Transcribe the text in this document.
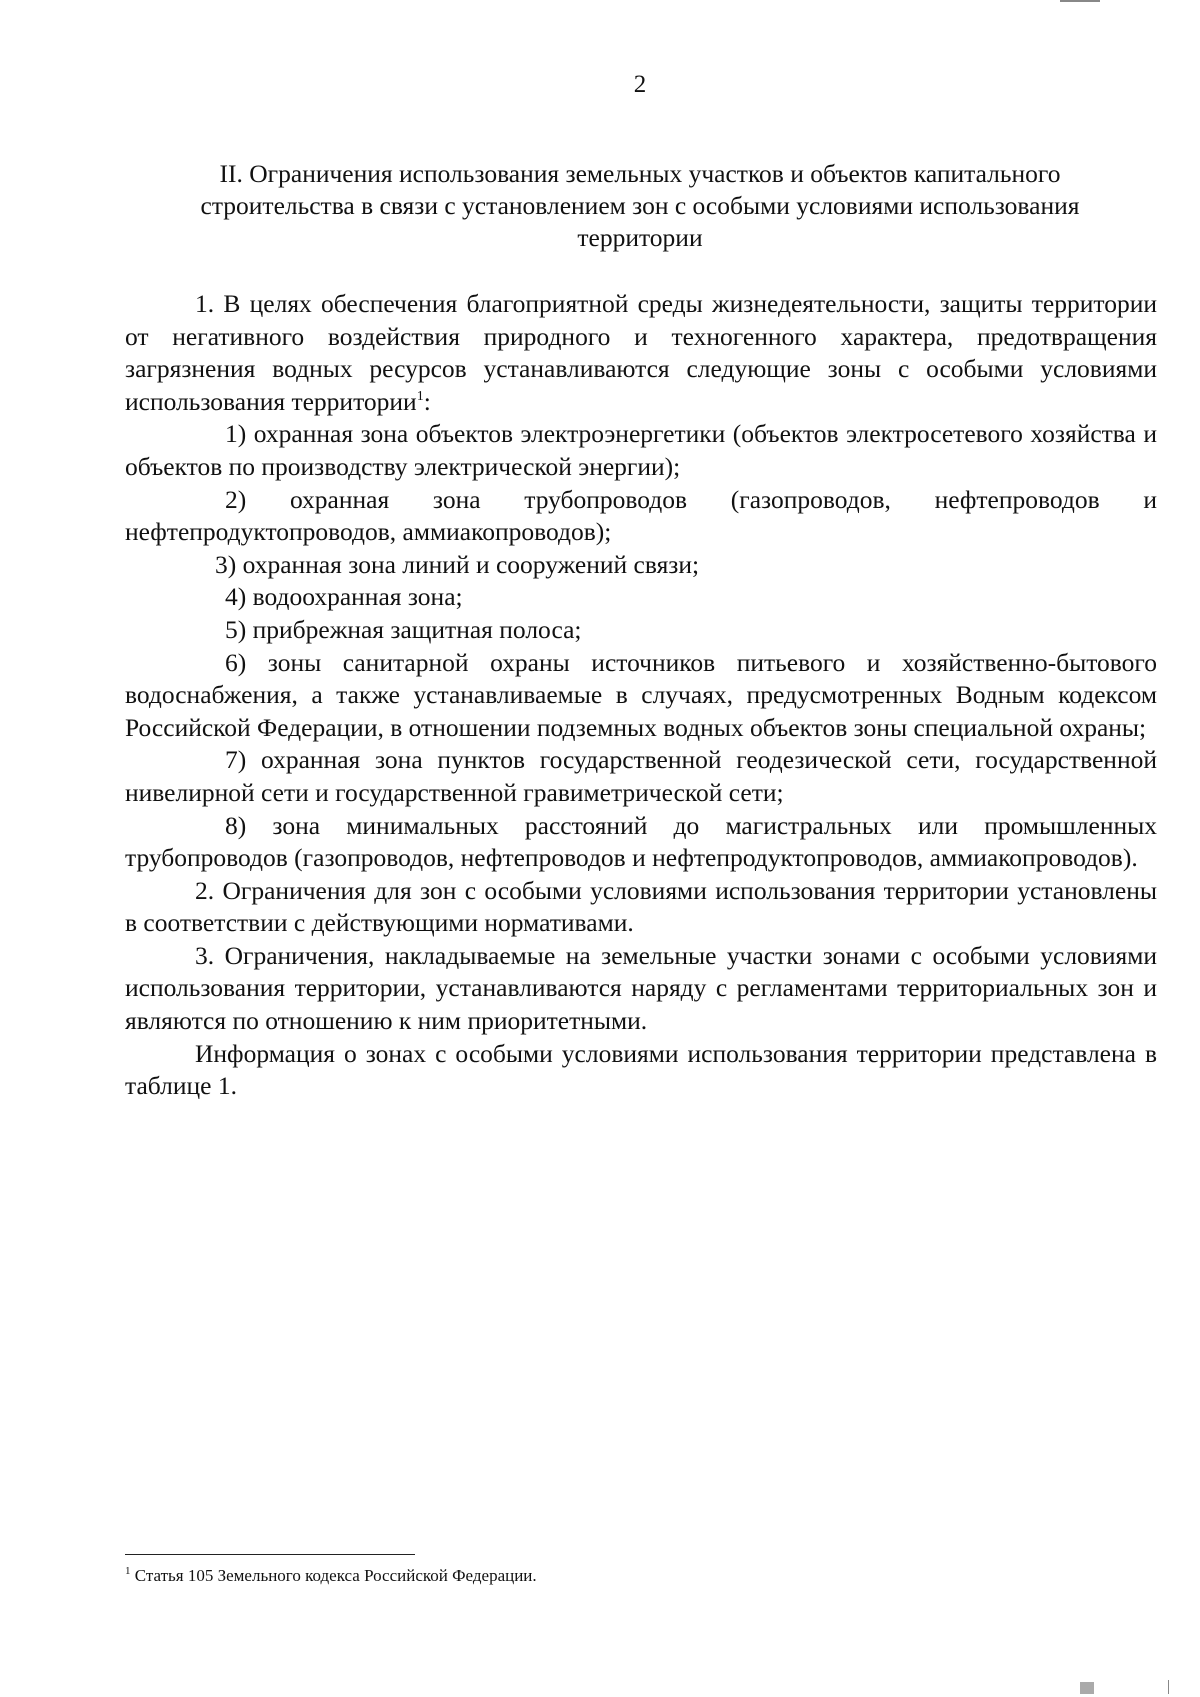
2
II. Ограничения использования земельных участков и объектов капитального строительства в связи с установлением зон с особыми условиями использования территории

1. В целях обеспечения благоприятной среды жизнедеятельности, защиты территории от негативного воздействия природного и техногенного характера, предотвращения загрязнения водных ресурсов устанавливаются следующие зоны с особыми условиями использования территории$^1$:

1) охранная зона объектов электроэнергетики (объектов электросетевого хозяйства и объектов по производству электрической энергии);

2) охранная зона трубопроводов (газопроводов, нефтепроводов и нефтепродуктопроводов, аммиакопроводов);

3) охранная зона линий и сооружений связи;

4) водоохранная зона;

5) прибрежная защитная полоса;

6) зоны санитарной охраны источников питьевого и хозяйственно-бытового водоснабжения, а также устанавливаемые в случаях, предусмотренных Водным кодексом Российской Федерации, в отношении подземных водных объектов зоны специальной охраны;

7) охранная зона пунктов государственной геодезической сети, государственной нивелирной сети и государственной гравиметрической сети;

8) зона минимальных расстояний до магистральных или промышленных трубопроводов (газопроводов, нефтепроводов и нефтепродуктопроводов, аммиакопроводов).

2. Ограничения для зон с особыми условиями использования территории установлены в соответствии с действующими нормативами.

3. Ограничения, накладываемые на земельные участки зонами с особыми условиями использования территории, устанавливаются наряду с регламентами территориальных зон и являются по отношению к ним приоритетными.

Информация о зонах с особыми условиями использования территории представлена в таблице 1.

$^1$ Статья 105 Земельного кодекса Российской Федерации.
